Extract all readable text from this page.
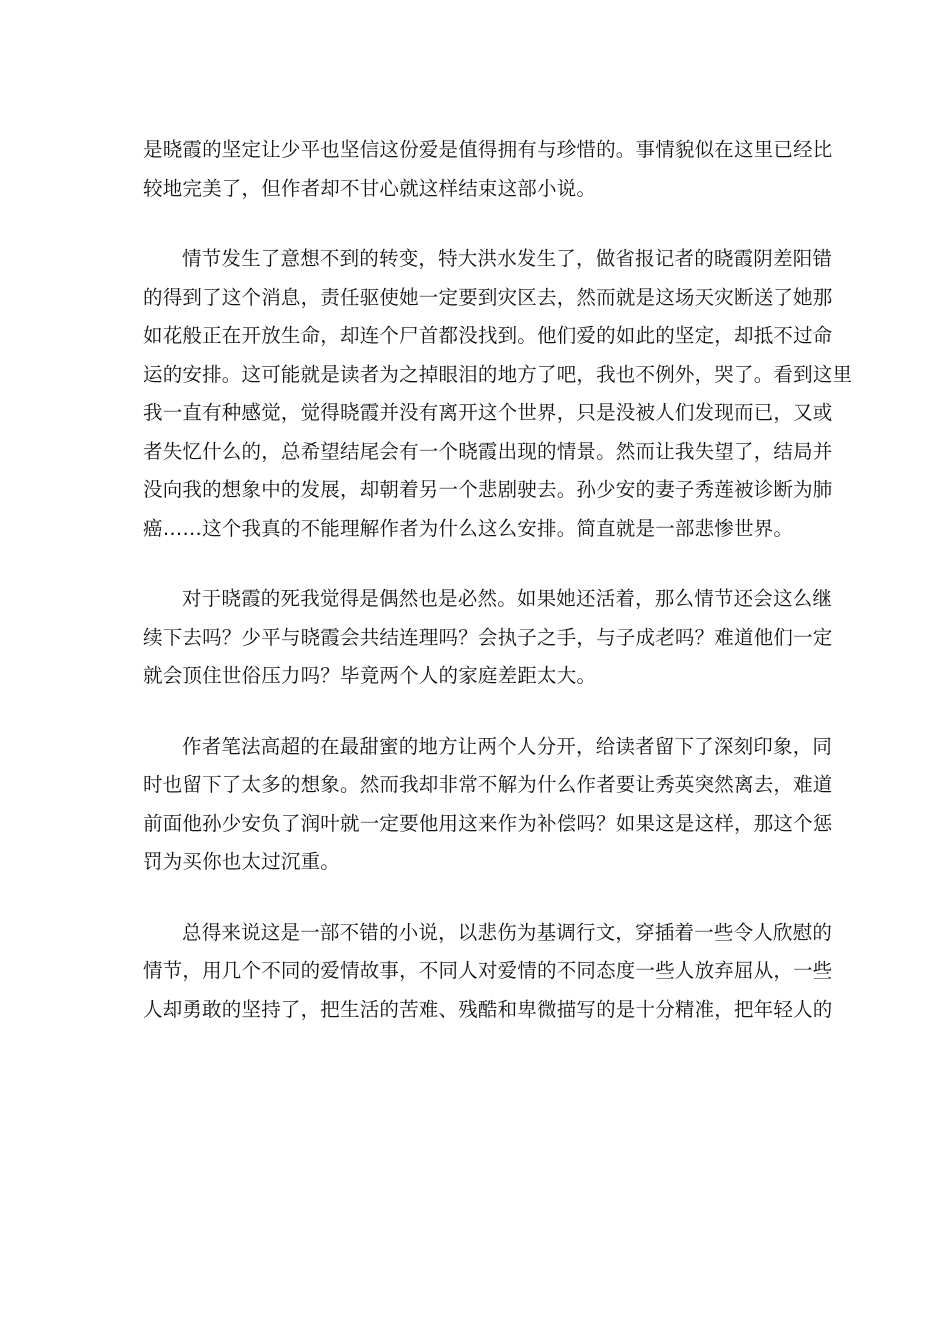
是晓霞的坚定让少平也坚信这份爱是值得拥有与珍惜的。事情貌似在这里已经比
较地完美了，但作者却不甘心就这样结束这部小说。

情节发生了意想不到的转变，特大洪水发生了，做省报记者的晓霞阴差阳错
的得到了这个消息，责任驱使她一定要到灾区去，然而就是这场天灾断送了她那
如花般正在开放生命，却连个尸首都没找到。他们爱的如此的坚定，却抵不过命
运的安排。这可能就是读者为之掉眼泪的地方了吧，我也不例外，哭了。看到这里
我一直有种感觉，觉得晓霞并没有离开这个世界，只是没被人们发现而已，又或
者失忆什么的，总希望结尾会有一个晓霞出现的情景。然而让我失望了，结局并
没向我的想象中的发展，却朝着另一个悲剧驶去。孙少安的妻子秀莲被诊断为肺
癌……这个我真的不能理解作者为什么这么安排。简直就是一部悲惨世界。

对于晓霞的死我觉得是偶然也是必然。如果她还活着，那么情节还会这么继
续下去吗？少平与晓霞会共结连理吗？会执子之手，与子成老吗？难道他们一定
就会顶住世俗压力吗？毕竟两个人的家庭差距太大。

作者笔法高超的在最甜蜜的地方让两个人分开，给读者留下了深刻印象，同
时也留下了太多的想象。然而我却非常不解为什么作者要让秀英突然离去，难道
前面他孙少安负了润叶就一定要他用这来作为补偿吗？如果这是这样，那这个惩
罚为买你也太过沉重。

总得来说这是一部不错的小说，以悲伤为基调行文，穿插着一些令人欣慰的
情节，用几个不同的爱情故事，不同人对爱情的不同态度一些人放弃屈从，一些
人却勇敢的坚持了，把生活的苦难、残酷和卑微描写的是十分精准，把年轻人的
